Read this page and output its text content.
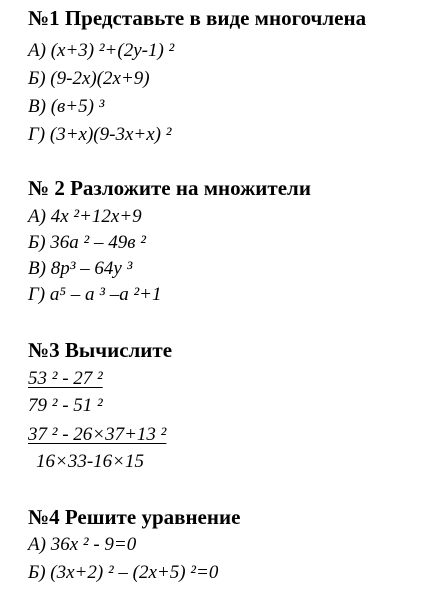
№1 Представьте в виде многочлена
А) (x+3) ²+(2y-1) ²
Б) (9-2x)(2x+9)
В) (в+5) ³
Г) (3+x)(9-3x+x) ²
№ 2 Разложите на множители
А) 4x ²+12x+9
Б) 36a ² – 49в ²
В) 8p³ – 64y ³
Г) a⁵ – a ³ –a ²+1
№3 Вычислите
53 ² - 27 ²
79 ² - 51 ²
37 ² - 26×37+13 ²
16×33-16×15
№4 Решите уравнение
А) 36x ² - 9=0
Б) (3x+2) ² – (2x+5) ²=0
